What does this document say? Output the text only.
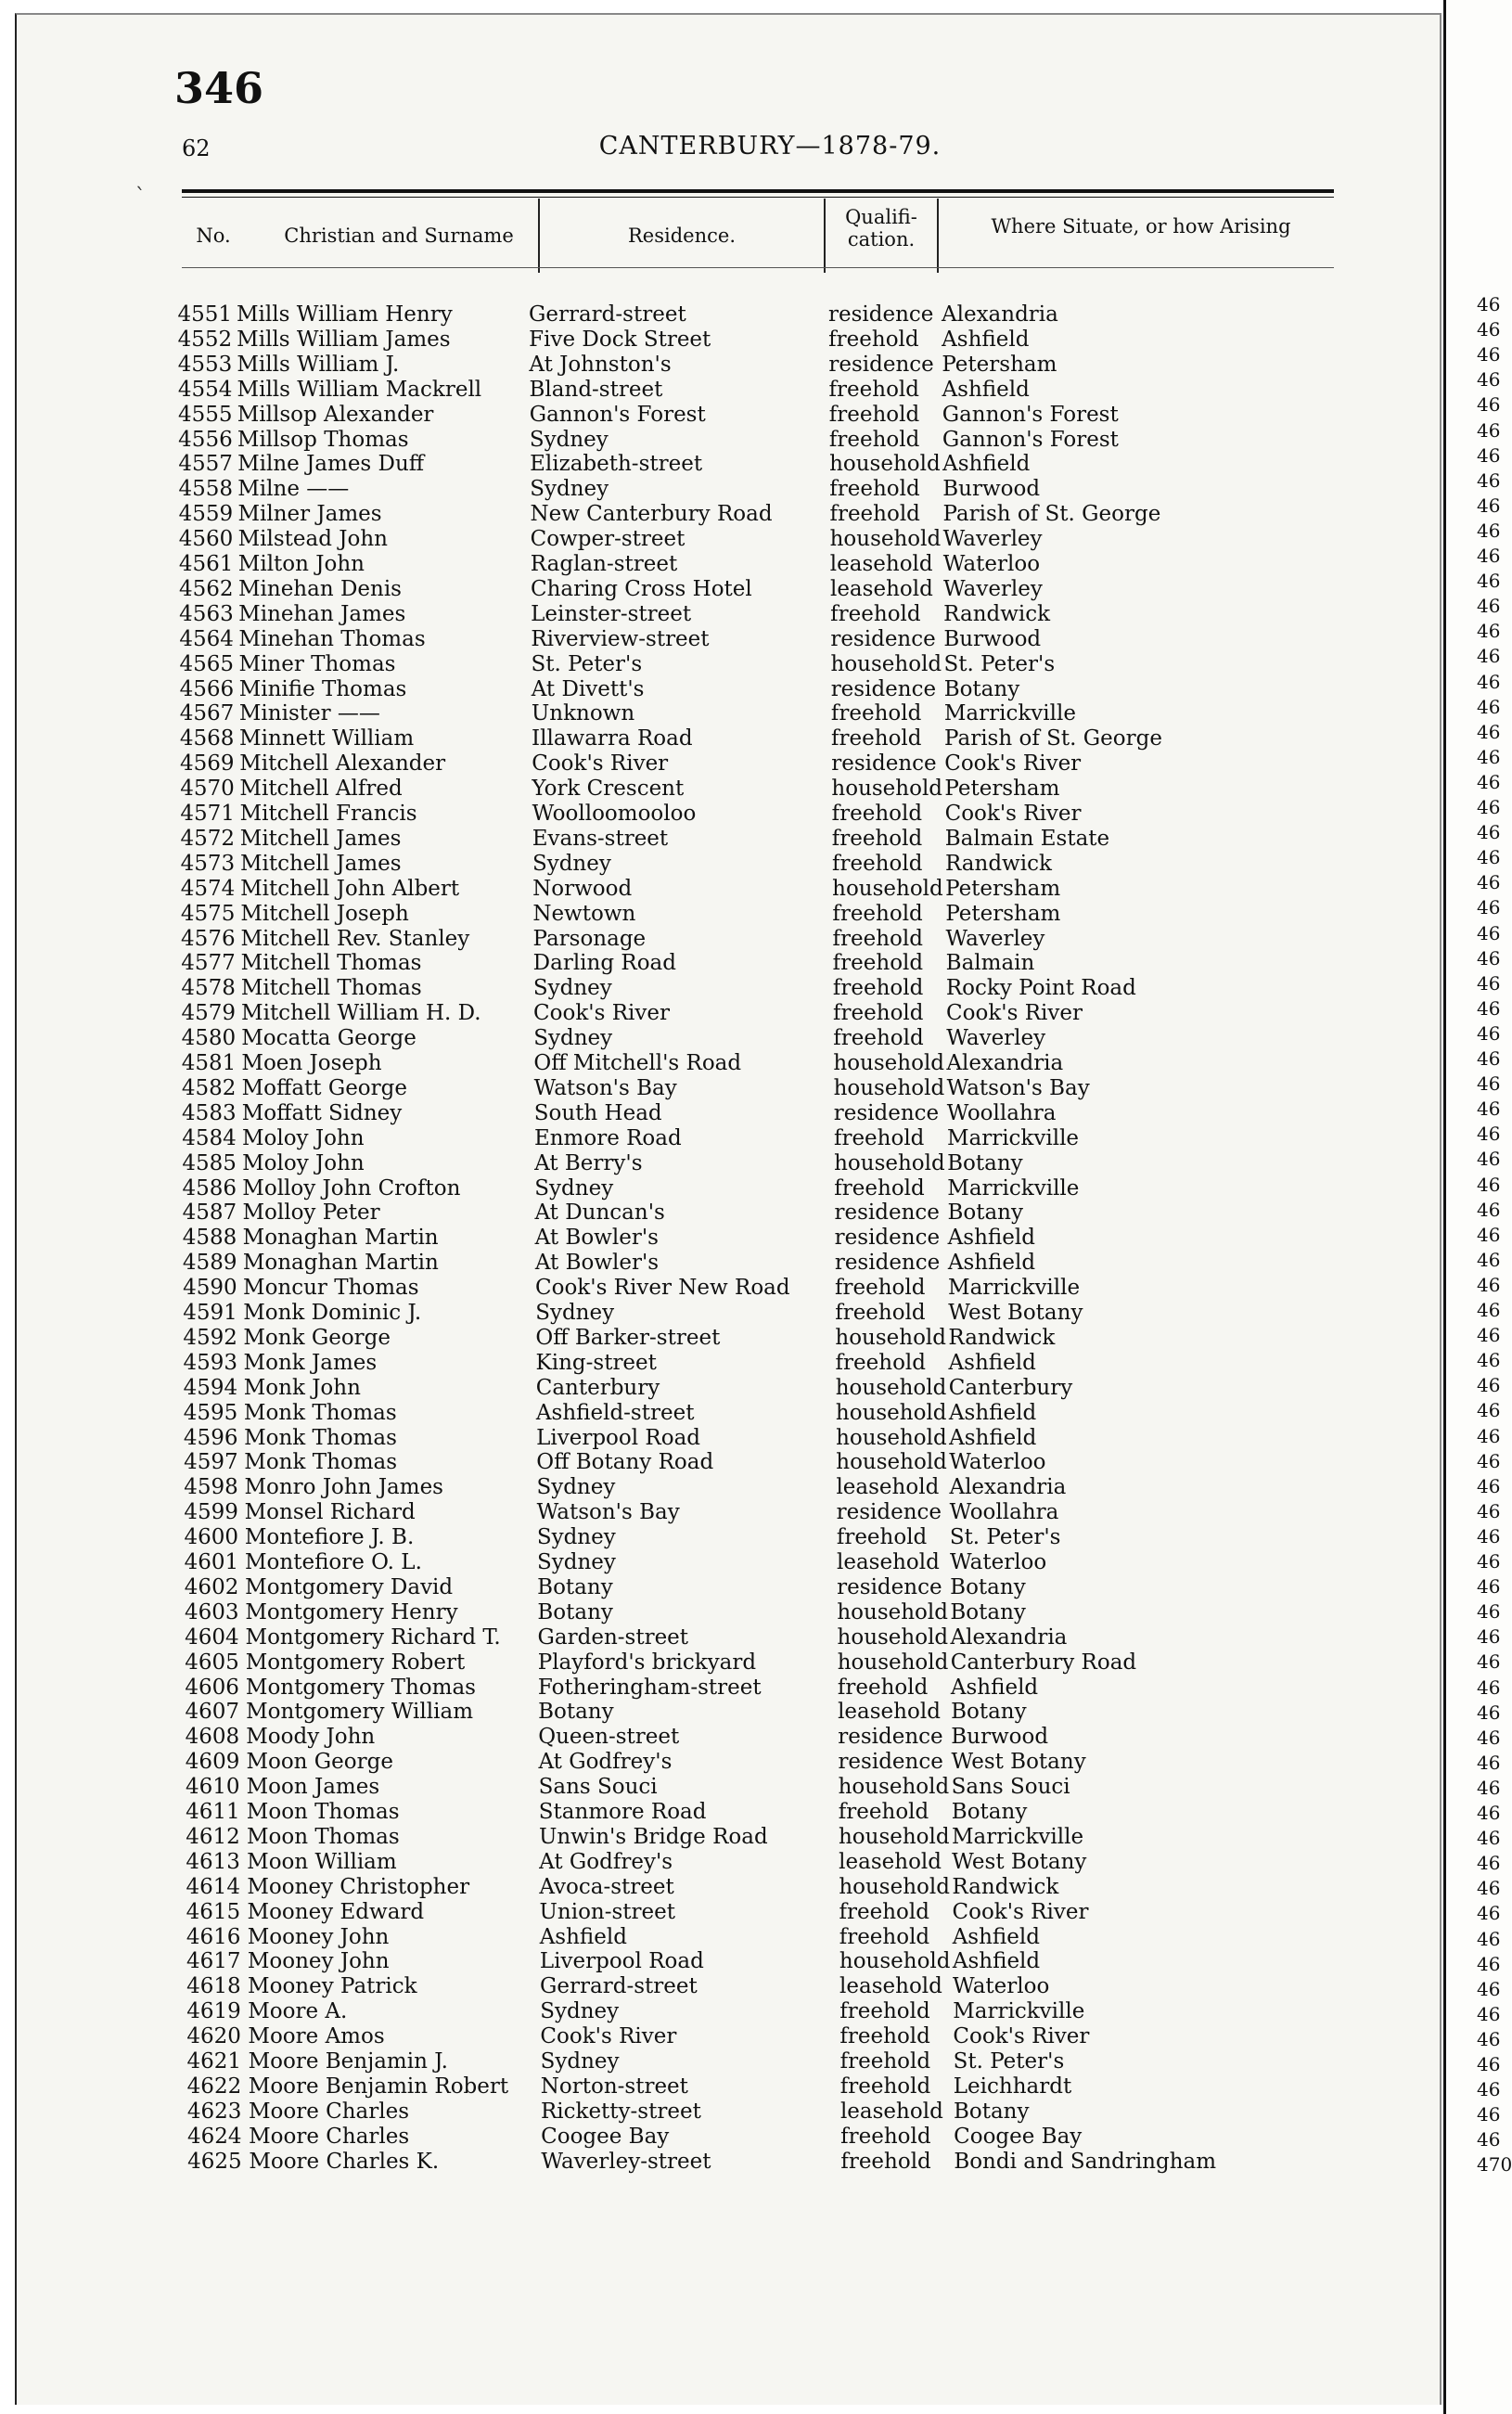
346
62	CANTERBURY—1878-79.
`
No.	Christian and Surname	Residence.
Qualifi- cation.
Where Situate, or how Arising
4551 Mills William Henry	Gerrard-street	residence Alexandria
4552 Mills William James	Five Dock Street	freehold	Ashfield
4553 Mills William J.	At Johnston's	residence Petersham
4554 Mills William Mackrell	Bland-street	freehold	Ashfield
4555 Millsop Alexander	Gannon's Forest	freehold	Gannon's Forest
4556 Millsop Thomas	Sydney	freehold	Gannon's Forest
4557 Milne James Duff	Elizabeth-street	household Ashfield
4558 Milne ——	Sydney	freehold	Burwood
4559 Milner James	New Canterbury Road	freehold	Parish of St. George
4560 Milstead John	Cowper-street	household Waverley
4561 Milton John	Raglan-street	leasehold Waterloo
4562 Minehan Denis	Charing Cross Hotel	leasehold Waverley
4563 Minehan James	Leinster-street	freehold	Randwick
4564 Minehan Thomas	Riverview-street	residence Burwood
4565 Miner Thomas	St. Peter's	household St. Peter's
4566 Minifie Thomas	At Divett's	residence Botany
4567 Minister ——	Unknown	freehold	Marrickville
4568 Minnett William	Illawarra Road	freehold	Parish of St. George
4569 Mitchell Alexander	Cook's River	residence Cook's River
4570 Mitchell Alfred	York Crescent	household Petersham
4571 Mitchell Francis	Woolloomooloo	freehold	Cook's River
4572 Mitchell James	Evans-street	freehold	Balmain Estate
4573 Mitchell James	Sydney	freehold	Randwick
4574 Mitchell John Albert	Norwood	household Petersham
4575 Mitchell Joseph	Newtown	freehold	Petersham
4576 Mitchell Rev. Stanley	Parsonage	freehold	Waverley
4577 Mitchell Thomas	Darling Road	freehold	Balmain
4578 Mitchell Thomas	Sydney	freehold	Rocky Point Road
4579 Mitchell William H. D.	Cook's River	freehold	Cook's River
4580 Mocatta George	Sydney	freehold	Waverley
4581 Moen Joseph	Off Mitchell's Road	household Alexandria
4582 Moffatt George	Watson's Bay	household Watson's Bay
4583 Moffatt Sidney	South Head	residence Woollahra
4584 Moloy John	Enmore Road	freehold	Marrickville
4585 Moloy John	At Berry's	household Botany
4586 Molloy John Crofton	Sydney	freehold	Marrickville
4587 Molloy Peter	At Duncan's	residence Botany
4588 Monaghan Martin	At Bowler's	residence Ashfield
4589 Monaghan Martin	At Bowler's	residence Ashfield
4590 Moncur Thomas	Cook's River New Road	freehold	Marrickville
4591 Monk Dominic J.	Sydney	freehold	West Botany
4592 Monk George	Off Barker-street	household Randwick
4593 Monk James	King-street	freehold	Ashfield
4594 Monk John	Canterbury	household Canterbury
4595 Monk Thomas	Ashfield-street	household Ashfield
4596 Monk Thomas	Liverpool Road	household Ashfield
4597 Monk Thomas	Off Botany Road	household Waterloo
4598 Monro John James	Sydney	leasehold Alexandria
4599 Monsel Richard	Watson's Bay	residence Woollahra
4600 Montefiore J. B.	Sydney	freehold	St. Peter's
4601 Montefiore O. L.	Sydney	leasehold Waterloo
4602 Montgomery David	Botany	residence Botany
4603 Montgomery Henry	Botany	household Botany
4604 Montgomery Richard T.	Garden-street	household Alexandria
4605 Montgomery Robert	Playford's brickyard	household Canterbury Road
4606 Montgomery Thomas	Fotheringham-street	freehold	Ashfield
4607 Montgomery William	Botany	leasehold Botany
4608 Moody John	Queen-street	residence Burwood
4609 Moon George	At Godfrey's	residence West Botany
4610 Moon James	Sans Souci	household Sans Souci
4611 Moon Thomas	Stanmore Road	freehold	Botany
4612 Moon Thomas	Unwin's Bridge Road	household Marrickville
4613 Moon William	At Godfrey's	leasehold West Botany
4614 Mooney Christopher	Avoca-street	household Randwick
4615 Mooney Edward	Union-street	freehold	Cook's River
4616 Mooney John	Ashfield	freehold	Ashfield
4617 Mooney John	Liverpool Road	household Ashfield
4618 Mooney Patrick	Gerrard-street	leasehold Waterloo
4619 Moore A.	Sydney	freehold	Marrickville
4620 Moore Amos	Cook's River	freehold	Cook's River
4621 Moore Benjamin J.	Sydney	freehold	St. Peter's
4622 Moore Benjamin Robert	Norton-street	freehold	Leichhardt
4623 Moore Charles	Ricketty-street	leasehold Botany
4624 Moore Charles	Coogee Bay	freehold	Coogee Bay
4625 Moore Charles K.	Waverley-street	freehold	Bondi and Sandringham
46
46
46
46
46
46
46
46
46
46
46
46
46
46
46
46
46
46
46
46
46
46
46
46
46
46
46
46
46
46
46
46
46
46
46
46
46
46
46
46
46
46
46
46
46
46
46
46
46
46
46
46
46
46
46
46
46
46
46
46
46
46
46
46
46
46
46
46
46
46
46
46
46
46
470
